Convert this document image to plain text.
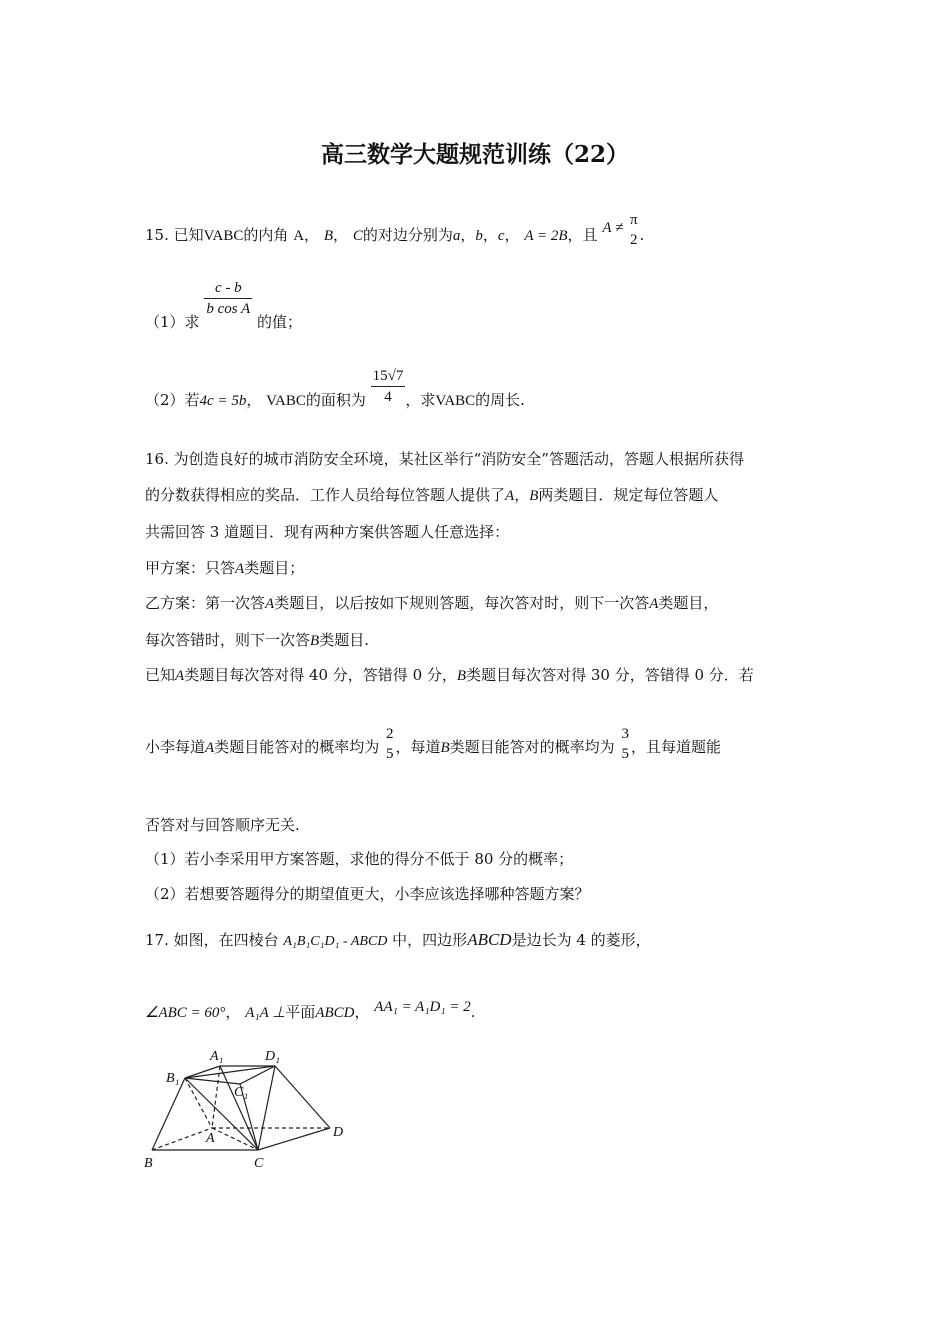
高三数学大题规范训练（22）
15. 已知VABC的内角 A， B， C的对边分别为a，b，c， A = 2B，且 A ≠ π
2 .
（1）求
$\frac{c - b}{\text{b cos A}}$
的值；
（2）若4c = 5b， VABC的面积为 $\frac{15√7}{4}$ ，求VABC的周长.
16. 为创造良好的城市消防安全环境，某社区举行“消防安全”答题活动，答题人根据所获得
的分数获得相应的奖品．工作人员给每位答题人提供了A，B两类题目．规定每位答题人
共需回答 3 道题目．现有两种方案供答题人任意选择：
甲方案：只答A类题目；
乙方案：第一次答A类题目，以后按如下规则答题，每次答对时，则下一次答A类题目，
每次答错时，则下一次答B类题目.
已知A类题目每次答对得 40 分，答错得 0 分，B类题目每次答对得 30 分，答错得 0 分．若
小李每道A类题目能答对的概率均为
2
5 ，每道B类题目能答对的概率均为
3
5 ，且每道题能
否答对与回答顺序无关.
（1）若小李采用甲方案答题，求他的得分不低于 80 分的概率；
（2）若想要答题得分的期望值更大，小李应该选择哪种答题方案？
17. 如图，在四棱台 A₁B₁C₁D₁ - ABCD 中，四边形ABCD是边长为 4 的菱形，
∠ABC = 60°， A₁A ⊥平面ABCD， AA₁ = A₁D₁ = 2.
A₁	D₁
B₁
C₁
A	D
B	C
